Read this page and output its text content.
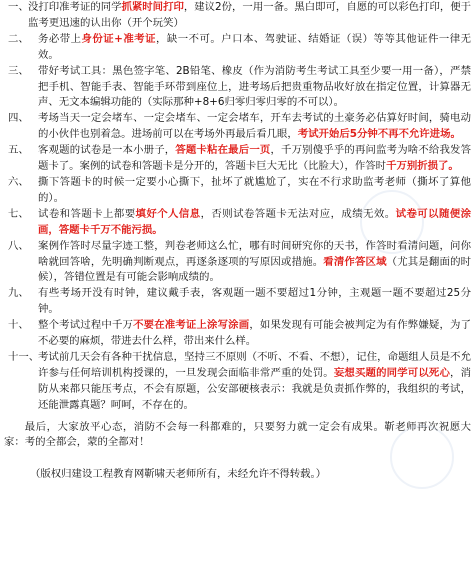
一、 没打印准考证的同学抓紧时间打印，建议2份，一用一备。黑白即可，自愿的可以彩色打印，便于监考更迅速的认出你（开个玩笑）
二、 务必带上身份证+准考证，缺一不可。户口本、驾驶证、结婚证（误）等等其他证件一律无效。
三、 带好考试工具：黑色签字笔、2B铅笔、橡皮（作为消防考生考试工具至少要一用一备），严禁把手机、智能手表、智能手环带到座位上，进考场后把贵重物品收好放在指定位置，计算器无声、无文本编辑功能的（实际那种+8+6归零归零归零的不可以）。
四、 考场当天一定会堵车、一定会堵车、一定会堵车，开车去考试的土豪务必估算好时间，骑电动的小伙伴也别着急。进场前可以在考场外再最后看几眼，考试开始后5分钟不再不允许进场。
五、 客观题的试卷是一本小册子，答题卡粘在最后一页，千万别傻乎乎的再问监考为啥不给我发答题卡了。案例的试卷和答题卡是分开的，答题卡巨大无比（比脸大），作答时千万别折损了。
六、 撕下答题卡的时候一定要小心撕下，扯坏了就尴尬了，实在不行求助监考老师（撕坏了算他的）。
七、 试卷和答题卡上都要填好个人信息，否则试卷答题卡无法对应，成绩无效。试卷可以随便涂画，答题卡千万不能污损。
八、 案例作答时尽量字迹工整，判卷老师这么忙，哪有时间研究你的天书，作答时看清问题，问你啥就回答啥，先明确判断观点，再逐条逐项的写原因或措施。看清作答区域（尤其是翻面的时候），答错位置是有可能会影响成绩的。
九、 有些考场开没有时钟，建议戴手表，客观题一题不要超过1分钟，主观题一题不要超过25分钟。
十、 整个考试过程中千万不要在准考证上涂写涂画，如果发现有可能会被判定为有作弊嫌疑，为了不必要的麻烦，带进去什么样，带出来什么样。
十一、
考试前几天会有各种干扰信息，坚持三不原则（不听、不看、不想），记住，命题组人员是不允许参与任何培训机构授课的，一旦发现会面临非常严重的处罚。妄想买题的同学可以死心，消防从来都只能压考点，不会有原题，公安部硬核表示：我就是负责抓作弊的，我组织的考试，还能泄露真题？呵呵，不存在的。
最后，大家放平心态，消防不会每一科都难的，只要努力就一定会有成果。靳老师再次祝愿大家：考的全都会，蒙的全都对！
（版权归建设工程教育网靳啸天老师所有，未经允许不得转载。）
